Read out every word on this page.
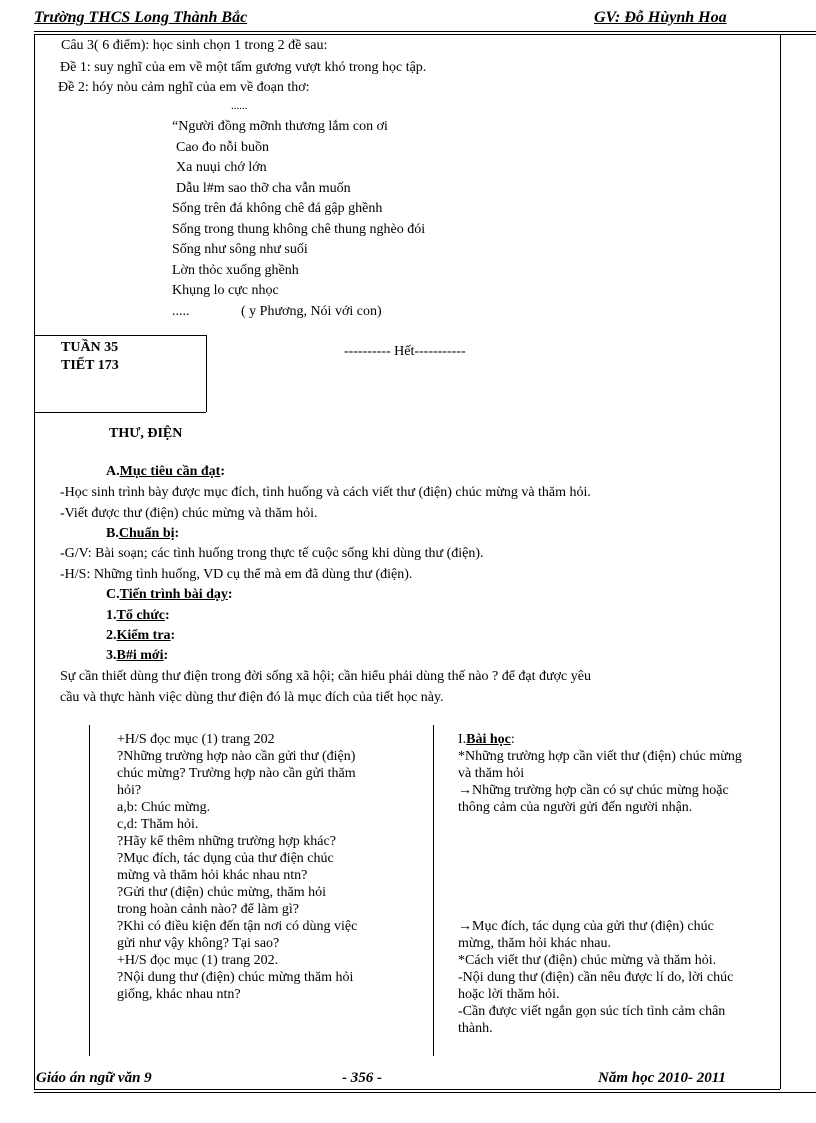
Trường THCS Long Thành Bắc	GV: Đỗ Hùynh Hoa
Câu 3( 6 điểm): học sinh chọn 1 trong 2 đề sau:
Đề 1: suy nghĩ của em về một tấm gương vượt khó trong học tập.
Đề 2: hóy nòu cảm nghĩ của em về đoạn thơ:
......
“Người đồng mỡnh thương lắm con ơi
Cao đo nỗi buồn
Xa nuụi chớ lớn
Dẫu l#m sao thỡ cha vẫn muốn
Sống trên đá không chê đá gập ghềnh
Sống trong thung không chê thung nghèo đói
Sống như sông như suối
Lờn thỏc xuống ghềnh
Khụng lo cực nhọc
.....	( y Phương, Nói với con)
TUẦN 35
TIẾT 173
---------- Hết-----------
THƯ, ĐIỆN
A.Mục tiêu cần đạt:
-Học sinh trình bày được mục đích, tình huống và cách viết thư (điện) chúc mừng và thăm hỏi.
-Viết được thư (điện) chúc mừng và thăm hỏi.
B.Chuẩn bị:
-G/V: Bài soạn; các tình huống trong thực tế cuộc sống khi dùng thư (điện).
-H/S: Những tình huống, VD cụ thể mà em đã dùng thư (điện).
C.Tiến trình bài dạy:
1.Tổ chức:
2.Kiểm tra:
3.B#i mới:
Sự cần thiết dùng thư điện trong đời sống xã hội; cần hiểu phải dùng thế nào ? để đạt được yêu
cầu và thực hành việc dùng thư điện đó là mục đích của tiết học này.
+H/S đọc mục (1) trang 202
?Những trường hợp nào cần gửi thư (điện)
chúc mừng? Trường hợp nào cần gửi thăm
hỏi?
a,b: Chúc mừng.
c,d: Thăm hỏi.
?Hãy kể thêm những trường hợp khác?
?Mục đích, tác dụng của thư điện chúc
mừng và thăm hỏi khác nhau ntn?
?Gửi thư (điện) chúc mừng, thăm hỏi
trong hoàn cảnh nào? để làm gì?
?Khi có điều kiện đến tận nơi có dùng việc
gửi như vậy không? Tại sao?
+H/S đọc mục (1) trang 202.
?Nội dung thư (điện) chúc mừng thăm hỏi
giống, khác nhau ntn?
I.Bài học:
*Những trường hợp cần viết thư (điện) chúc mừng
và thăm hỏi
→Những trường hợp cần có sự chúc mừng hoặc
thông cảm của người gửi đến người nhận.
→Mục đích, tác dụng của gửi thư (điện) chúc
mừng, thăm hỏi khác nhau.
*Cách viết thư (điện) chúc mừng và thăm hỏi.
-Nội dung thư (điện) cần nêu được lí do, lời chúc
hoặc lời thăm hỏi.
-Cần được viết ngắn gọn súc tích tình cảm chân
thành.
Giáo án ngữ văn 9	- 356 -	Năm học 2010- 2011
